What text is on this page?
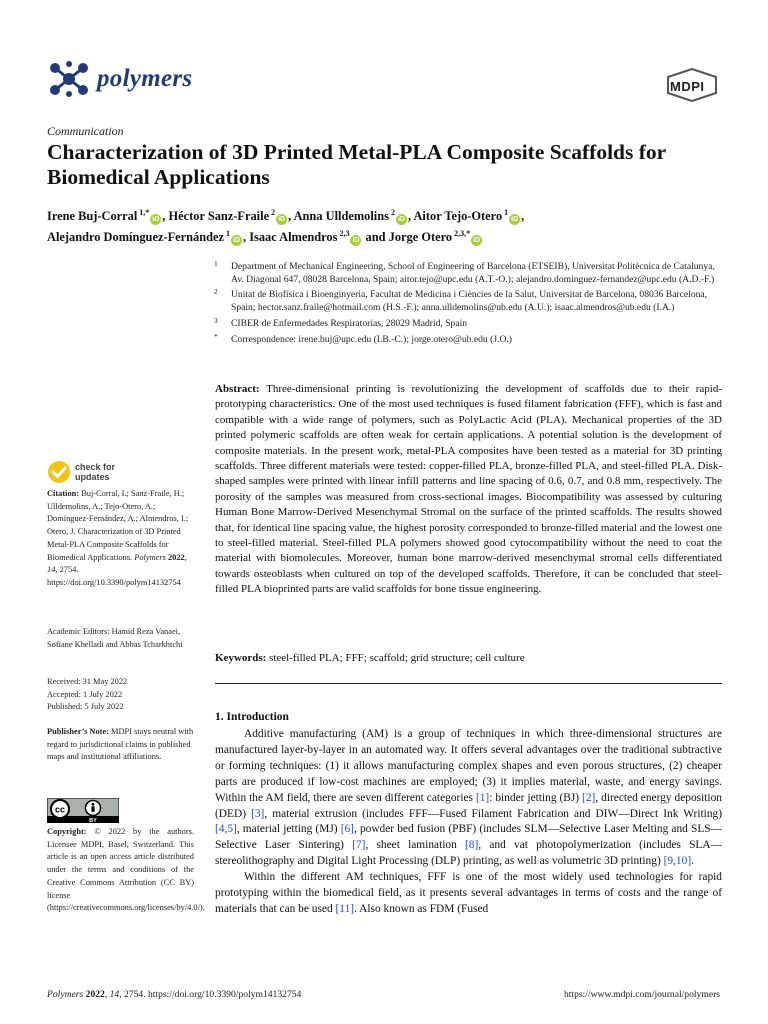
polymers	MDPI
Communication
Characterization of 3D Printed Metal-PLA Composite Scaffolds for Biomedical Applications
Irene Buj-Corral $^{1,*}$iD , Héctor Sanz-Fraile $^2$iD , Anna Ulldemolins $^2$iD , Aitor Tejo-Otero $^1$iD ,
Alejandro Domínguez-Fernández $^1$iD , Isaac Almendros $^{2,3}$iD and Jorge Otero $^{2,3,*}$iD
1 Department of Mechanical Engineering, School of Engineering of Barcelona (ETSEIB), Universitat Politècnica de Catalunya, Av. Diagonal 647, 08028 Barcelona, Spain; aitor.tejo@upc.edu (A.T.-O.); alejandro.dominguez-fernandez@upc.edu (A.D.-F.)
2 Unitat de Biofísica i Bioenginyeria, Facultat de Medicina i Ciències de la Salut, Universitat de Barcelona, 08036 Barcelona, Spain; hector.sanz.fraile@hotmail.com (H.S.-F.); anna.ulldemolins@ub.edu (A.U.); isaac.almendros@ub.edu (I.A.)
3 CIBER de Enfermedades Respiratorias, 28029 Madrid, Spain
* Correspondence: irene.buj@upc.edu (I.B.-C.); jorge.otero@ub.edu (J.O.)
Abstract: Three-dimensional printing is revolutionizing the development of scaffolds due to their rapid-prototyping characteristics. One of the most used techniques is fused filament fabrication (FFF), which is fast and compatible with a wide range of polymers, such as PolyLactic Acid (PLA). Mechanical properties of the 3D printed polymeric scaffolds are often weak for certain applications. A potential solution is the development of composite materials. In the present work, metal-PLA composites have been tested as a material for 3D printing scaffolds. Three different materials were tested: copper-filled PLA, bronze-filled PLA, and steel-filled PLA. Disk-shaped samples were printed with linear infill patterns and line spacing of 0.6, 0.7, and 0.8 mm, respectively. The porosity of the samples was measured from cross-sectional images. Biocompatibility was assessed by culturing Human Bone Marrow-Derived Mesenchymal Stromal on the surface of the printed scaffolds. The results showed that, for identical line spacing value, the highest porosity corresponded to bronze-filled material and the lowest one to steel-filled material. Steel-filled PLA polymers showed good cytocompatibility without the need to coat the material with biomolecules. Moreover, human bone marrow-derived mesenchymal stromal cells differentiated towards osteoblasts when cultured on top of the developed scaffolds. Therefore, it can be concluded that steel-filled PLA bioprinted parts are valid scaffolds for bone tissue engineering.
Keywords: steel-filled PLA; FFF; scaffold; grid structure; cell culture
check for
updates
Citation: Buj-Corral, I.; Sanz-Fraile, H.; Ulldemolins, A.; Tejo-Otero, A.; Domínguez-Fernández, A.; Almendros, I.; Otero, J. Characterization of 3D Printed Metal-PLA Composite Scaffolds for Biomedical Applications. Polymers 2022, 14, 2754. https://doi.org/10.3390/polym14132754
Academic Editors: Hamid Reza Vanaei, Sofiane Khelladi and Abbas Tcharkhtchi
Received: 31 May 2022
Accepted: 1 July 2022
Published: 5 July 2022
Publisher’s Note: MDPI stays neutral with regard to jurisdictional claims in published maps and institutional affiliations.
cc
BY
Copyright: © 2022 by the authors. Licensee MDPI, Basel, Switzerland. This article is an open access article distributed under the terms and conditions of the Creative Commons Attribution (CC BY) license (https://creativecommons.org/licenses/by/4.0/).
1. Introduction

Additive manufacturing (AM) is a group of techniques in which three-dimensional structures are manufactured layer-by-layer in an automated way. It offers several advantages over the traditional subtractive or forming techniques: (1) it allows manufacturing complex shapes and even porous structures, (2) cheaper parts are produced if low-cost machines are employed; (3) it implies material, waste, and energy savings. Within the AM field, there are seven different categories [1]: binder jetting (BJ) [2], directed energy deposition (DED) [3], material extrusion (includes FFF—Fused Filament Fabrication and DIW—Direct Ink Writing) [4,5], material jetting (MJ) [6], powder bed fusion (PBF) (includes SLM—Selective Laser Melting and SLS—Selective Laser Sintering) [7], sheet lamination [8], and vat photopolymerization (includes SLA—stereolithography and Digital Light Processing (DLP) printing, as well as volumetric 3D printing) [9,10].

Within the different AM techniques, FFF is one of the most widely used technologies for rapid prototyping within the biomedical field, as it presents several advantages in terms of costs and the range of materials that can be used [11]. Also known as FDM (Fused

Polymers 2022, 14, 2754. https://doi.org/10.3390/polym14132754	https://www.mdpi.com/journal/polymers
